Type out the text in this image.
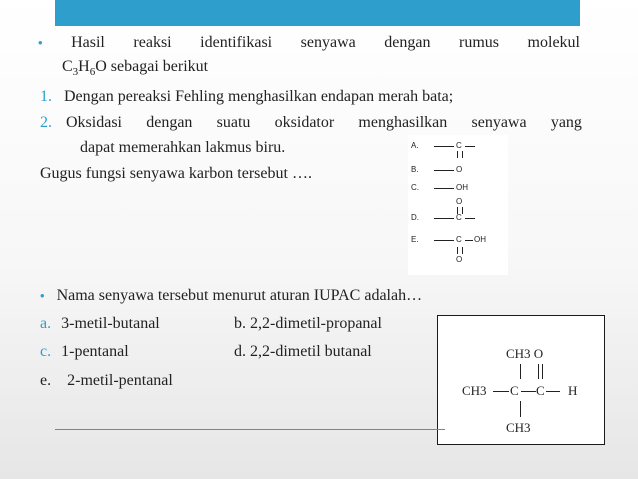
• Hasil reaksi identifikasi senyawa dengan rumus molekul
$C_3H_6O$ sebagai berikut
1. Dengan pereaksi Fehling menghasilkan endapan merah bata;
2. Oksidasi dengan suatu oksidator menghasilkan senyawa yang
dapat memerahkan lakmus biru.
Gugus fungsi senyawa karbon tersebut ….
A.	C
B.	O
C.	OH
O
D.	C
E.	C OH
O
• Nama senyawa tersebut menurut aturan IUPAC adalah…
a. 3-metil-butanal	b. 2,2-dimetil-propanal
c. 1-pentanal	d. 2,2-dimetil butanal
e. 2-metil-pentanal
CH3 O
CH3 C C H
CH3
